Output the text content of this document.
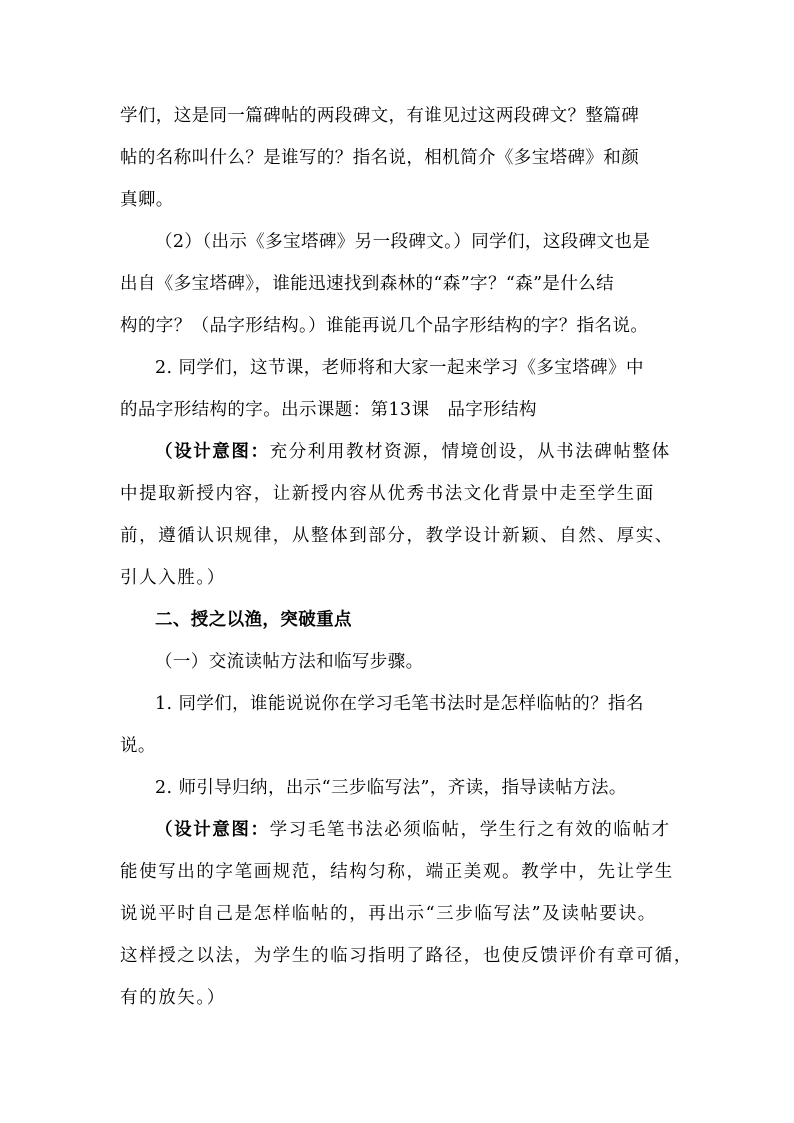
学们，这是同一篇碑帖的两段碑文，有谁见过这两段碑文？整篇碑
帖的名称叫什么？是谁写的？指名说，相机简介《多宝塔碑》和颜
真卿。
（2）（出示《多宝塔碑》另一段碑文。）同学们，这段碑文也是
出自《多宝塔碑》，谁能迅速找到森林的“森”字？“森”是什么结
构的字？（品字形结构。）谁能再说几个品字形结构的字？指名说。
2. 同学们，这节课，老师将和大家一起来学习《多宝塔碑》中
的品字形结构的字。出示课题：第13课　品字形结构
（设计意图：充分利用教材资源，情境创设，从书法碑帖整体
中提取新授内容，让新授内容从优秀书法文化背景中走至学生面
前，遵循认识规律，从整体到部分，教学设计新颖、自然、厚实、
引人入胜。）
二、授之以渔，突破重点
（一）交流读帖方法和临写步骤。
1. 同学们，谁能说说你在学习毛笔书法时是怎样临帖的？指名
说。
2. 师引导归纳，出示“三步临写法”，齐读，指导读帖方法。
（设计意图：学习毛笔书法必须临帖，学生行之有效的临帖才
能使写出的字笔画规范，结构匀称，端正美观。教学中，先让学生
说说平时自己是怎样临帖的，再出示“三步临写法”及读帖要诀。
这样授之以法，为学生的临习指明了路径，也使反馈评价有章可循，
有的放矢。）
